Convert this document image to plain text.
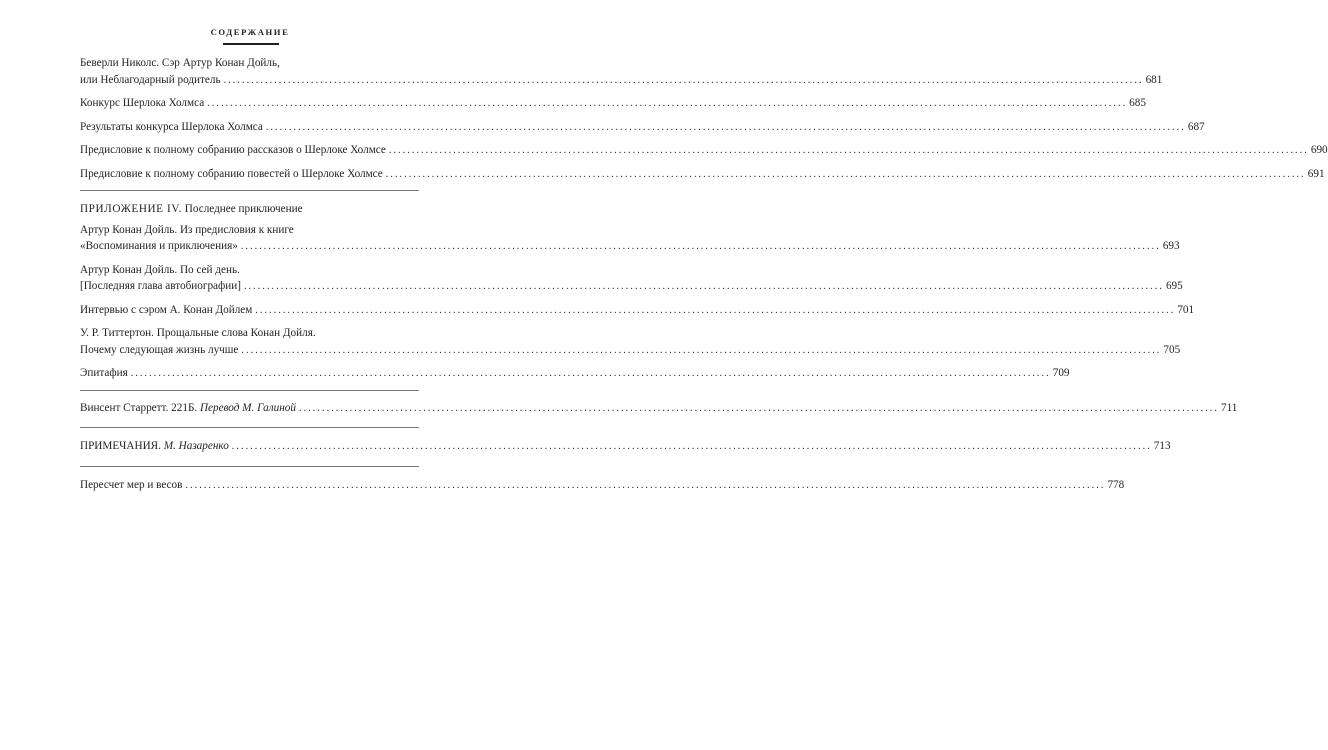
СОДЕРЖАНИЕ
Беверли Николс. Сэр Артур Конан Дойль,
или Неблагодарный родитель ........................................................................................................................................................................................................ 681
Конкурс Шерлока Холмса ........................................................................................................................................................................................................ 685
Результаты конкурса Шерлока Холмса ........................................................................................................................................................................................................ 687
Предисловие к полному собранию рассказов о Шерлоке Холмсе ........................................................................................................................................................................................................ 690
Предисловие к полному собранию повестей о Шерлоке Холмсе ........................................................................................................................................................................................................ 691
ПРИЛОЖЕНИЕ IV. Последнее приключение
Артур Конан Дойль. Из предисловия к книге
«Воспоминания и приключения» ........................................................................................................................................................................................................ 693
Артур Конан Дойль. По сей день.
[Последняя глава автобиографии] ........................................................................................................................................................................................................ 695
Интервью с сэром А. Конан Дойлем ........................................................................................................................................................................................................ 701
У. Р. Титтертон. Прощальные слова Конан Дойля.
Почему следующая жизнь лучше ........................................................................................................................................................................................................ 705
Эпитафия ........................................................................................................................................................................................................ 709
Винсент Старретт. 221Б. Перевод М. Галиной ........................................................................................................................................................................................................ 711
ПРИМЕЧАНИЯ. М. Назаренко ........................................................................................................................................................................................................ 713
Пересчет мер и весов ........................................................................................................................................................................................................ 778
